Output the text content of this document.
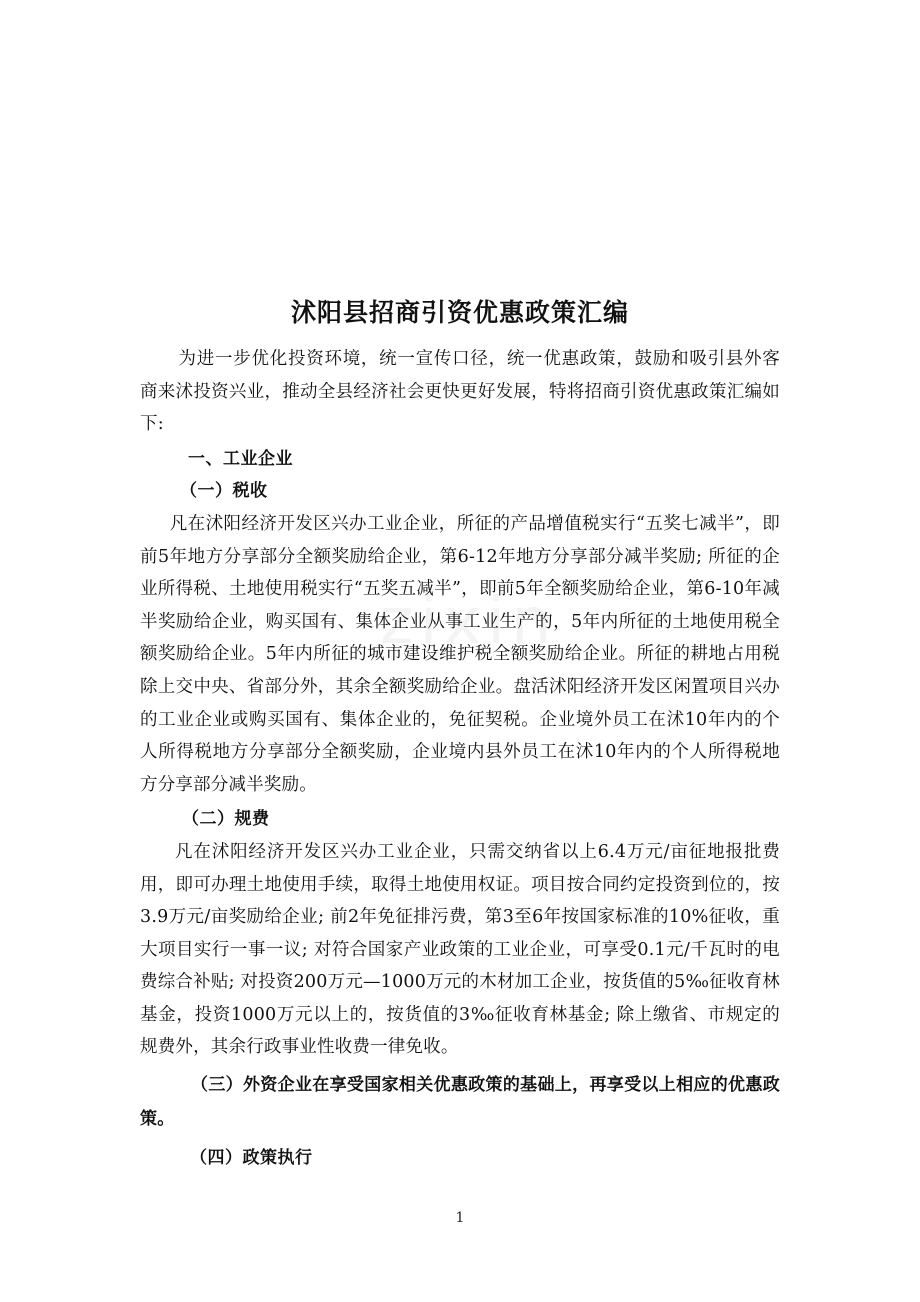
zixin
沭阳县招商引资优惠政策汇编

为进一步优化投资环境，统一宣传口径，统一优惠政策，鼓励和吸引县外客商来沭投资兴业，推动全县经济社会更快更好发展，特将招商引资优惠政策汇编如下:

一、工业企业
（一）税收

凡在沭阳经济开发区兴办工业企业，所征的产品增值税实行“五奖七减半”，即前5年地方分享部分全额奖励给企业，第6-12年地方分享部分减半奖励; 所征的企业所得税、土地使用税实行“五奖五减半”，即前5年全额奖励给企业，第6-10年减半奖励给企业，购买国有、集体企业从事工业生产的，5年内所征的土地使用税全额奖励给企业。5年内所征的城市建设维护税全额奖励给企业。所征的耕地占用税除上交中央、省部分外，其余全额奖励给企业。盘活沭阳经济开发区闲置项目兴办的工业企业或购买国有、集体企业的，免征契税。企业境外员工在沭10年内的个人所得税地方分享部分全额奖励，企业境内县外员工在沭10年内的个人所得税地方分享部分减半奖励。

（二）规费

凡在沭阳经济开发区兴办工业企业，只需交纳省以上6.4万元/亩征地报批费用，即可办理土地使用手续，取得土地使用权证。项目按合同约定投资到位的，按3.9万元/亩奖励给企业; 前2年免征排污费，第3至6年按国家标准的10%征收，重大项目实行一事一议; 对符合国家产业政策的工业企业，可享受0.1元/千瓦时的电费综合补贴; 对投资200万元—1000万元的木材加工企业，按货值的5‰征收育林基金，投资1000万元以上的，按货值的3‰征收育林基金; 除上缴省、市规定的规费外，其余行政事业性收费一律免收。

（三）外资企业在享受国家相关优惠政策的基础上，再享受以上相应的优惠政策。

（四）政策执行
1
